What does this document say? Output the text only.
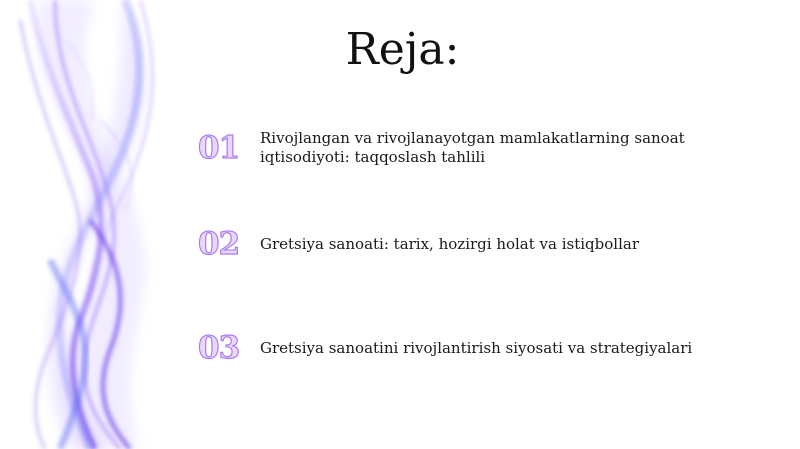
Reja:
01	Rivojlangan va rivojlanayotgan mamlakatlarning sanoat iqtisodiyoti: taqqoslash tahlili
02	Gretsiya sanoati: tarix, hozirgi holat va istiqbollar
03	Gretsiya sanoatini rivojlantirish siyosati va strategiyalari
